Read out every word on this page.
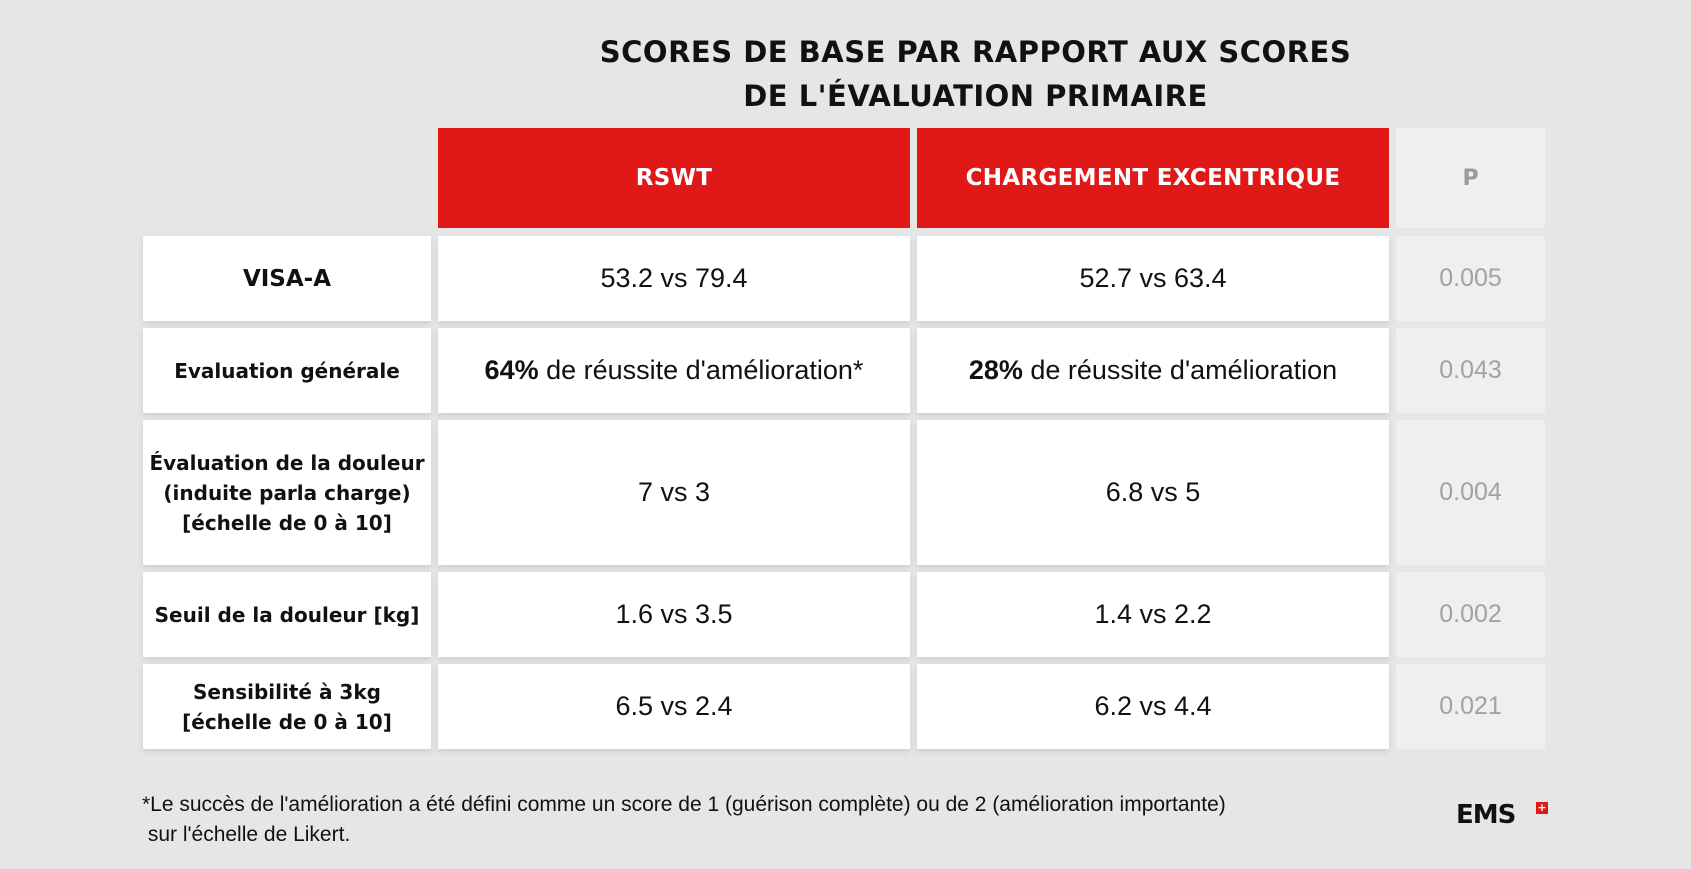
SCORES DE BASE PAR RAPPORT AUX SCORES
DE L'ÉVALUATION PRIMAIRE
RSWT	CHARGEMENT EXCENTRIQUE	P
VISA-A	53.2 vs 79.4	52.7 vs 63.4	0.005
Evaluation générale	64% de réussite d'amélioration*	28% de réussite d'amélioration	0.043
Évaluation de la douleur
(induite parla charge)
[échelle de 0 à 10]
7 vs 3	6.8 vs 5	0.004
Seuil de la douleur [kg]	1.6 vs 3.5	1.4 vs 2.2	0.002
Sensibilité à 3kg
[échelle de 0 à 10]
6.5 vs 2.4	6.2 vs 4.4	0.021
*Le succès de l'amélioration a été défini comme un score de 1 (guérison complète) ou de 2 (amélioration importante)
sur l'échelle de Likert.
EMS +
